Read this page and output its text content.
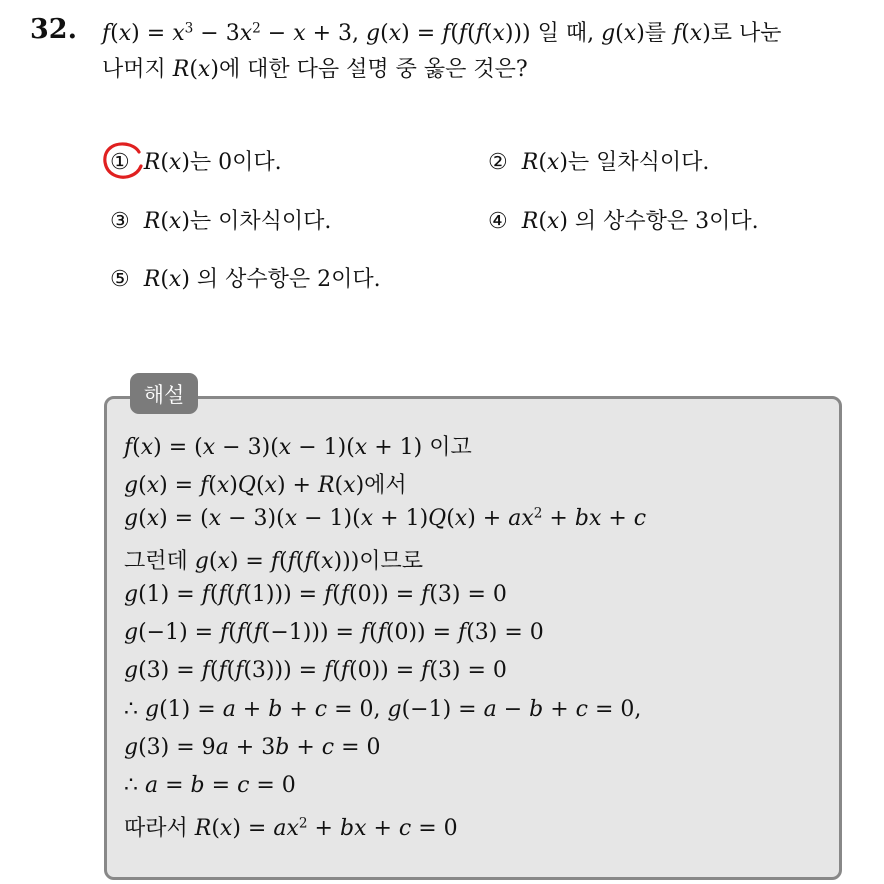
32. $f(x) = x^3 - 3x^2 - x + 3$, g(x) = f(f(f(x))) 일 때, g(x)를 f(x)로 나눈
나머지 R(x)에 대한 다음 설명 중 옳은 것은?
① R(x)는 0이다.	② R(x)는 일차식이다.
③ R(x)는 이차식이다.	④ R(x) 의 상수항은 3이다.
⑤ R(x) 의 상수항은 2이다.
해설
f(x) = (x − 3)(x − 1)(x + 1) 이고
g(x) = f(x)Q(x) + R(x)에서
$g(x) = (x - 3)(x - 1)(x + 1)Q(x) + ax^2$ + bx + c
그런데 g(x) = f(f(f(x)))이므로
g(1) = f(f(f(1))) = f(f(0)) = f(3) = 0
g(−1) = f(f(f(−1))) = f(f(0)) = f(3) = 0
g(3) = f(f(f(3))) = f(f(0)) = f(3) = 0
∴ g(1) = a + b + c = 0, g(−1) = a − b + c = 0,
g(3) = 9a + 3b + c = 0
∴ a = b = c = 0
따라서 $R(x) = ax^2$ + bx + c = 0
